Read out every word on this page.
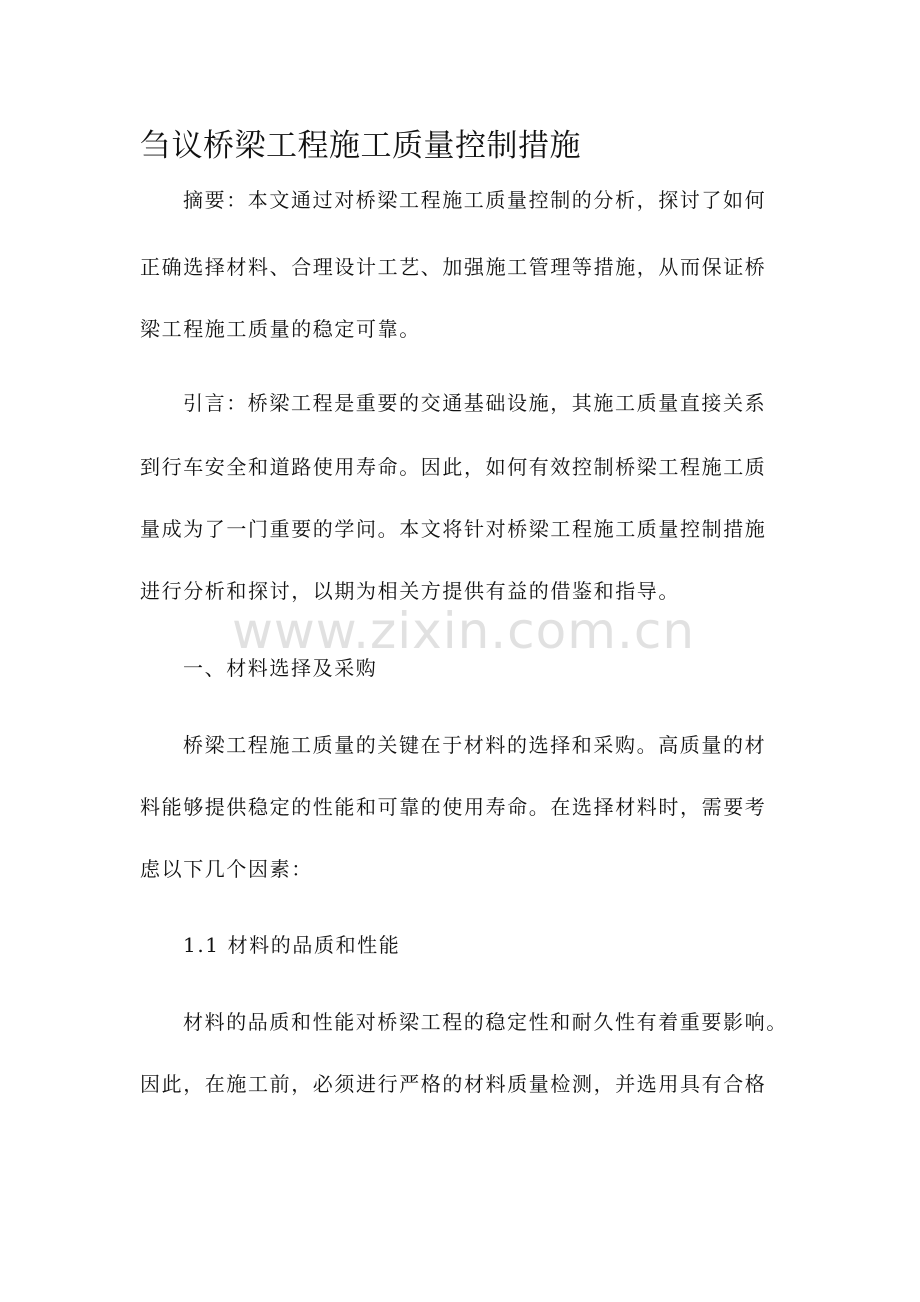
刍议桥梁工程施工质量控制措施
摘要：本文通过对桥梁工程施工质量控制的分析，探讨了如何
正确选择材料、合理设计工艺、加强施工管理等措施，从而保证桥
梁工程施工质量的稳定可靠。
引言：桥梁工程是重要的交通基础设施，其施工质量直接关系
到行车安全和道路使用寿命。因此，如何有效控制桥梁工程施工质
量成为了一门重要的学问。本文将针对桥梁工程施工质量控制措施
进行分析和探讨，以期为相关方提供有益的借鉴和指导。
一、材料选择及采购
桥梁工程施工质量的关键在于材料的选择和采购。高质量的材
料能够提供稳定的性能和可靠的使用寿命。在选择材料时，需要考
虑以下几个因素：
1.1 材料的品质和性能
材料的品质和性能对桥梁工程的稳定性和耐久性有着重要影响。
因此，在施工前，必须进行严格的材料质量检测，并选用具有合格
www.zixin.com.cn
